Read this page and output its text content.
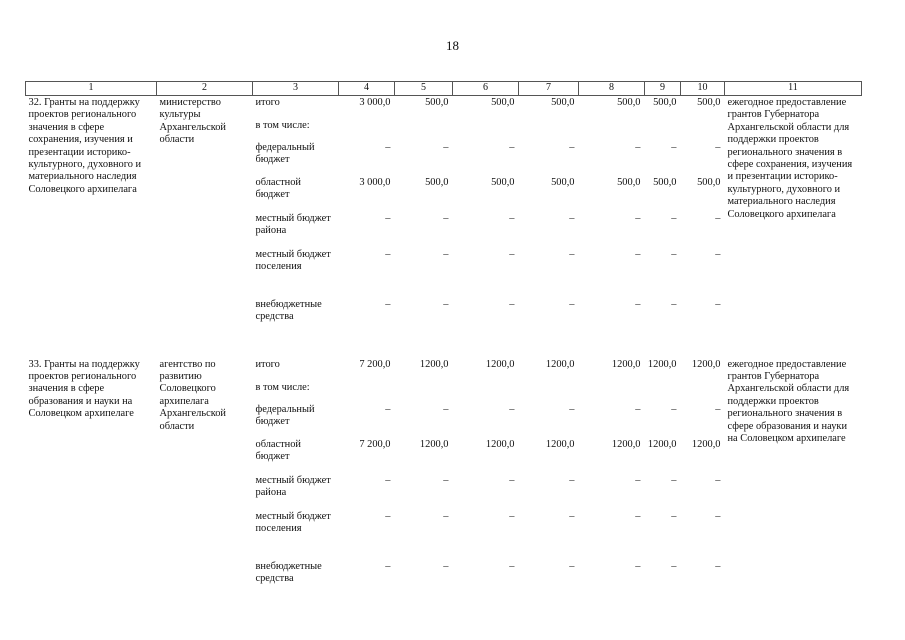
18
1	2	3	4	5	6	7	8	9	10	11
32. Гранты на поддержку проектов регионального значения в сфере сохранения, изучения и презентации историко-культурного, духовного и материального наследия Соловецкого архипелага	министерство культуры Архангельской области	итого	3 000,0	500,0	500,0	500,0	500,0	500,0	500,0	ежегодное предоставление грантов Губернатора Архангельской области для поддержки проектов регионального значения в сфере сохранения, изучения и презентации историко-культурного, духовного и материального наследия Соловецкого архипелага
		в том числе:								
		федеральный бюджет	–	–	–	–	–	–	–	
		областной бюджет	3 000,0	500,0	500,0	500,0	500,0	500,0	500,0	
		местный бюджет района	–	–	–	–	–	–	–	
		местный бюджет поселения	–	–	–	–	–	–	–	
		внебюджетные средства	–	–	–	–	–	–	–	

33. Гранты на поддержку проектов регионального значения в сфере образования и науки на Соловецком архипелаге	агентство по развитию Соловецкого архипелага Архангельской области	итого	7 200,0	1200,0	1200,0	1200,0	1200,0	1200,0	1200,0	ежегодное предоставление грантов Губернатора Архангельской области для поддержки проектов регионального значения в сфере образования и науки на Соловецком архипелаге
		в том числе:								
		федеральный бюджет	–	–	–	–	–	–	–	
		областной бюджет	7 200,0	1200,0	1200,0	1200,0	1200,0	1200,0	1200,0	
		местный бюджет района	–	–	–	–	–	–	–	
		местный бюджет поселения	–	–	–	–	–	–	–	
		внебюджетные средства	–	–	–	–	–	–	–	
